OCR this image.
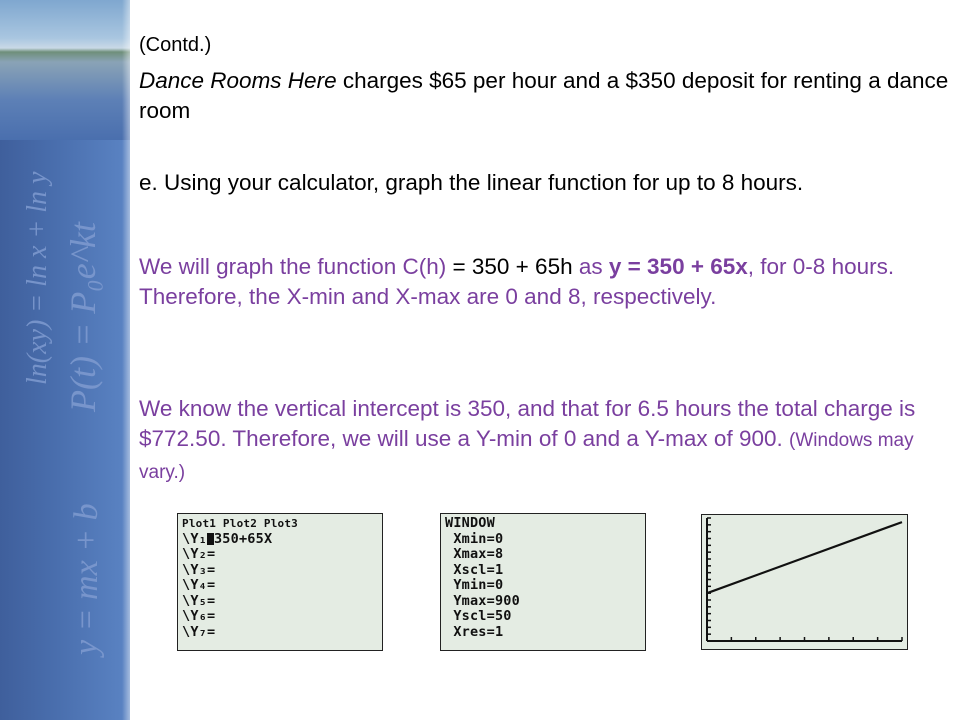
ln(xy) = ln x + ln y P(t) = P₀e^kt
y = mx + b

(Contd.)

Dance Rooms Here charges $65 per hour and a $350 deposit for renting a dance room

e. Using your calculator, graph the linear function for up to 8 hours.

We will graph the function C(h) = 350 + 65h as y = 350 + 65x, for 0-8 hours. Therefore, the X-min and X-max are 0 and 8, respectively.

We know the vertical intercept is 350, and that for 6.5 hours the total charge is $772.50. Therefore, we will use a Y-min of 0 and a Y-max of 900. (Windows may vary.)

Plot1 Plot2 Plot3
\Y₁ 350+65X
\Y₂=
\Y₃=
\Y₄=
\Y₅=
\Y₆=
\Y₇=
WINDOW
Xmin=0
Xmax=8
Xscl=1
Ymin=0
Ymax=900
Yscl=50
Xres=1
